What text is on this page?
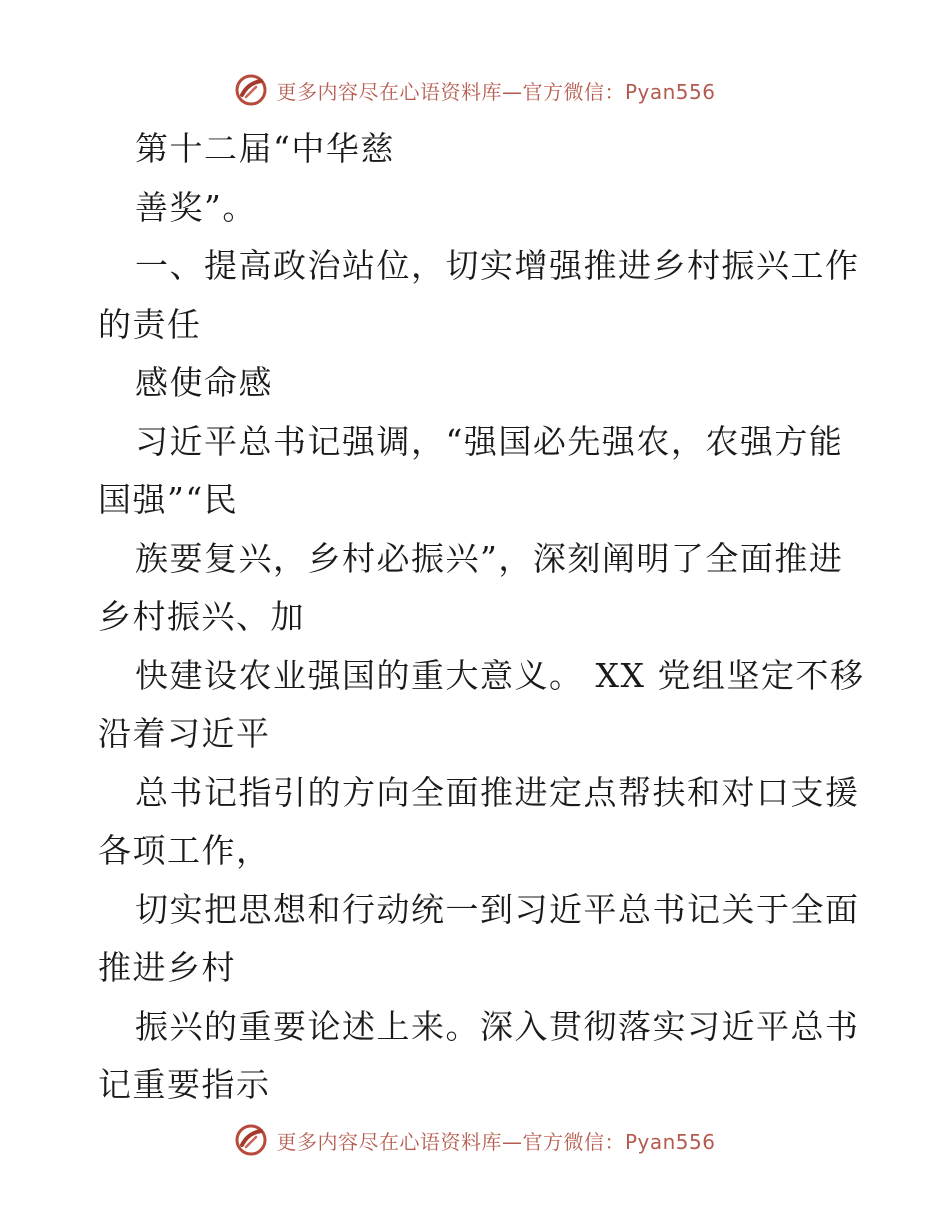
更多内容尽在心语资料库—官方微信：Pyan556
第十二届“中华慈
善奖”。
一、提高政治站位，切实增强推进乡村振兴工作
的责任
感使命感
习近平总书记强调，“强国必先强农，农强方能
国强”“民
族要复兴，乡村必振兴”，深刻阐明了全面推进
乡村振兴、加
快建设农业强国的重大意义。 XX 党组坚定不移
沿着习近平
总书记指引的方向全面推进定点帮扶和对口支援
各项工作，
切实把思想和行动统一到习近平总书记关于全面
推进乡村
振兴的重要论述上来。深入贯彻落实习近平总书
记重要指示
更多内容尽在心语资料库—官方微信：Pyan556
